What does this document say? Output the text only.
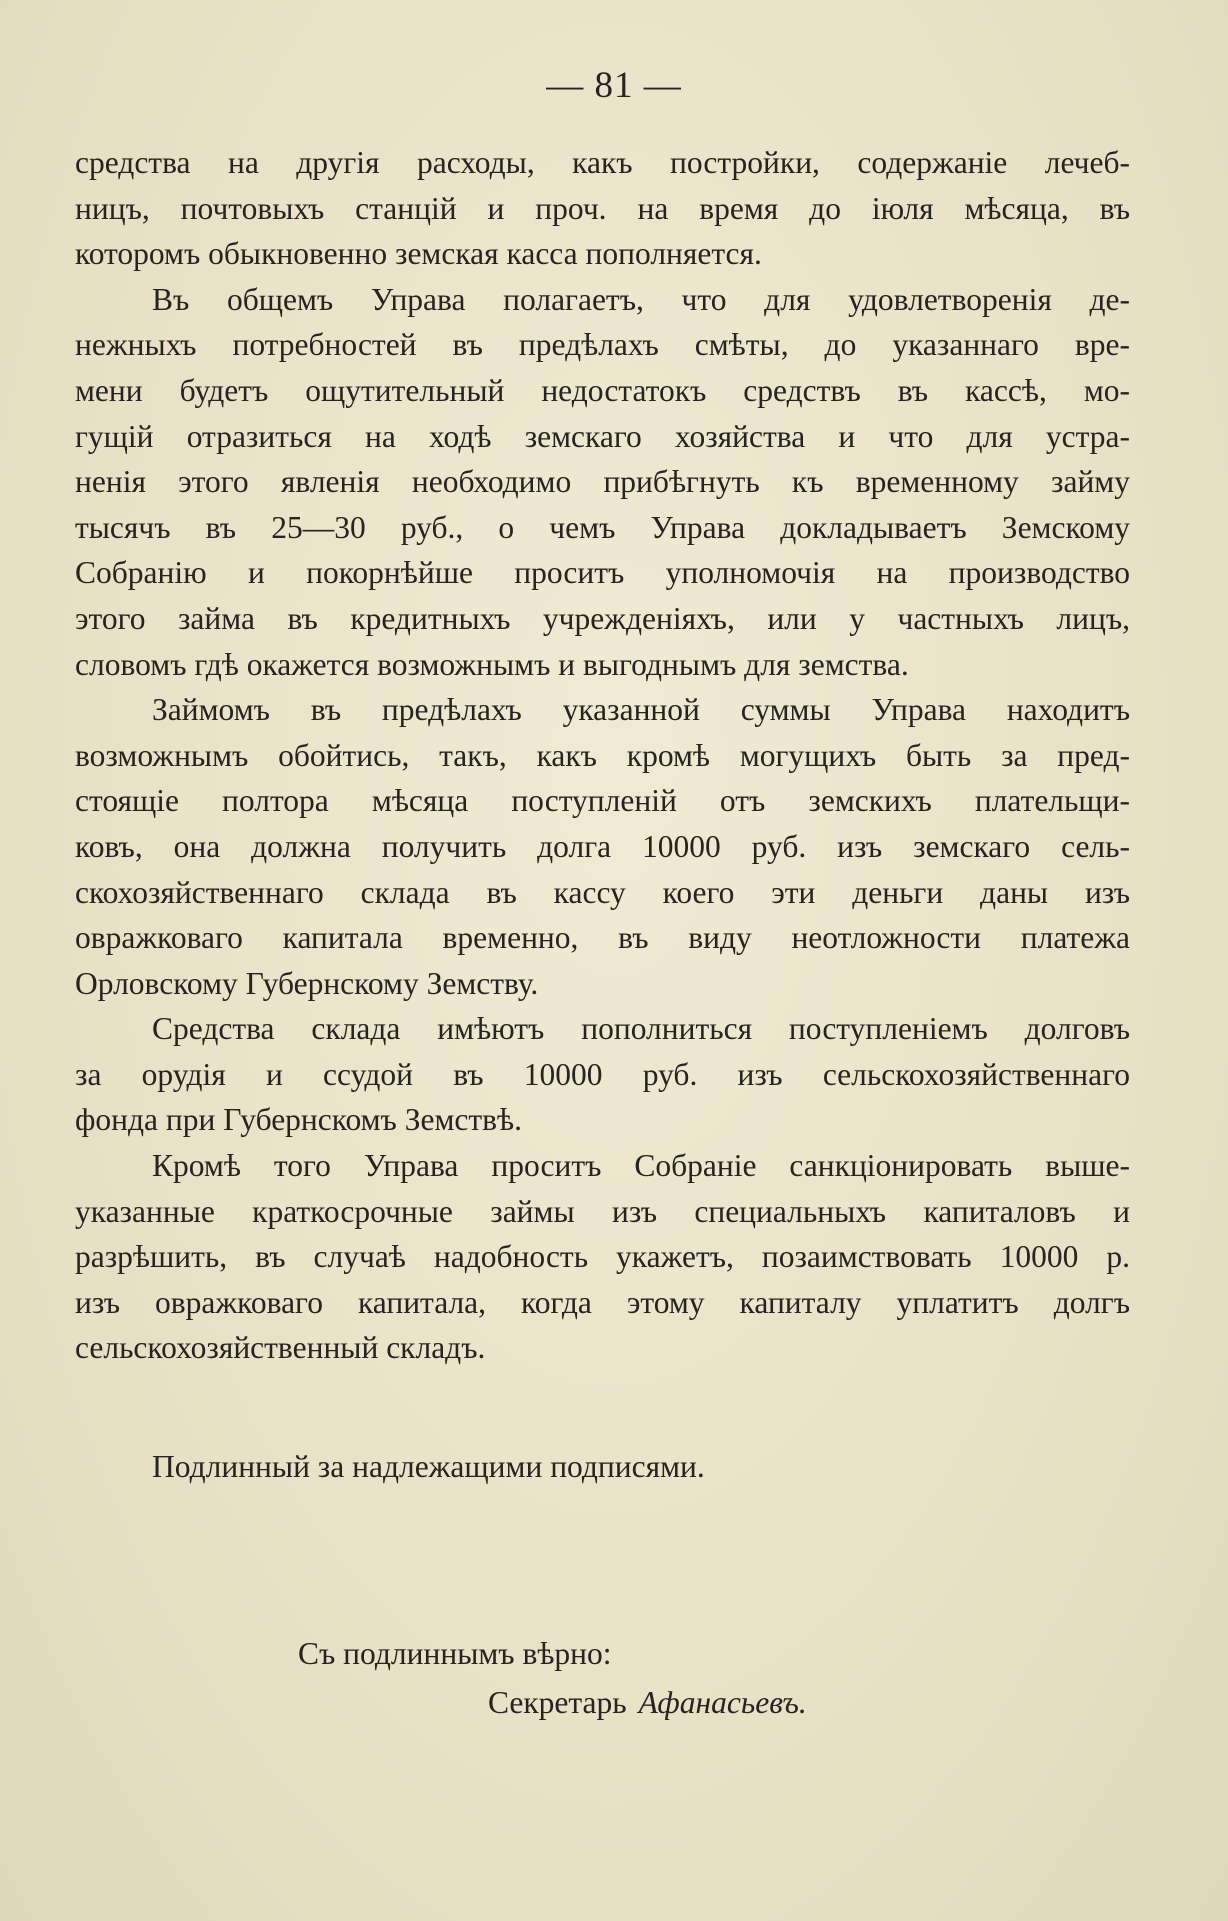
— 81 —
средства на другія расходы, какъ постройки, содержаніе лечеб-
ницъ, почтовыхъ станцій и проч. на время до іюля мѣсяца, въ
которомъ обыкновенно земская касса пополняется.
Въ общемъ Управа полагаетъ, что для удовлетворенія де-
нежныхъ потребностей въ предѣлахъ смѣты, до указаннаго вре-
мени будетъ ощутительный недостатокъ средствъ въ кассѣ, мо-
гущій отразиться на ходѣ земскаго хозяйства и что для устра-
ненія этого явленія необходимо прибѣгнуть къ временному займу
тысячъ въ 25—30 руб., о чемъ Управа докладываетъ Земскому
Собранію и покорнѣйше проситъ уполномочія на производство
этого займа въ кредитныхъ учрежденіяхъ, или у частныхъ лицъ,
словомъ гдѣ окажется возможнымъ и выгоднымъ для земства.
Займомъ въ предѣлахъ указанной суммы Управа находитъ
возможнымъ обойтись, такъ, какъ кромѣ могущихъ быть за пред-
стоящіе полтора мѣсяца поступленій отъ земскихъ плательщи-
ковъ, она должна получить долга 10000 руб. изъ земскаго сель-
скохозяйственнаго склада въ кассу коего эти деньги даны изъ
овражковаго капитала временно, въ виду неотложности платежа
Орловскому Губернскому Земству.
Средства склада имѣютъ пополниться поступленіемъ долговъ
за орудія и ссудой въ 10000 руб. изъ сельскохозяйственнаго
фонда при Губернскомъ Земствѣ.
Кромѣ того Управа проситъ Собраніе санкціонировать выше-
указанные краткосрочные займы изъ специальныхъ капиталовъ и
разрѣшить, въ случаѣ надобность укажетъ, позаимствовать 10000 р.
изъ овражковаго капитала, когда этому капиталу уплатитъ долгъ
сельскохозяйственный складъ.
Подлинный за надлежащими подписями.
Съ подлиннымъ вѣрно:
Секретарь Афанасьевъ.
